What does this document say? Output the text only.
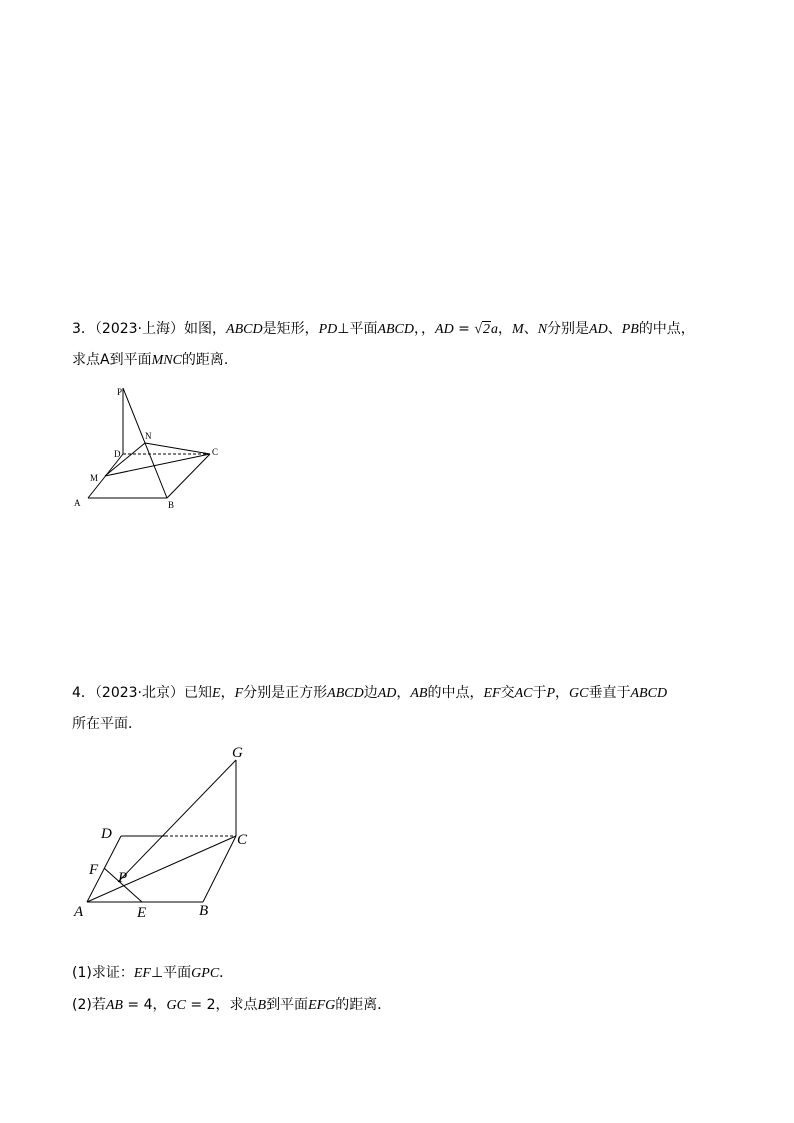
3．（2023·上海）如图，ABCD是矩形，PD⊥平面ABCD，，AD = √2a，M、N分别是AD、PB的中点，
求点A到平面MNC的距离.
P
N
D	C
M
A	B
4．（2023·北京）已知E，F分别是正方形ABCD边AD，AB的中点，EF交AC于P，GC垂直于ABCD
所在平面．
G
D	C
F P
A	E	B
(1)求证：EF⊥平面GPC．
(2)若AB = 4，GC = 2，求点B到平面EFG的距离．
